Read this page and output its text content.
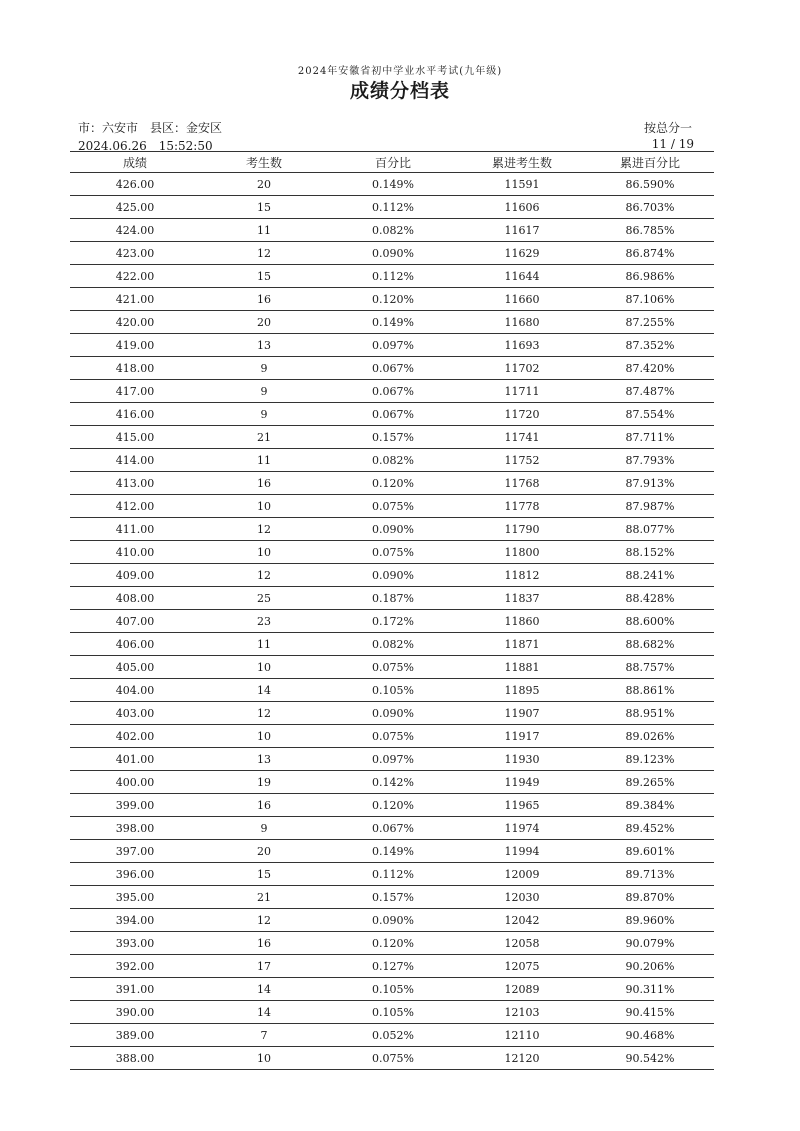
2024年安徽省初中学业水平考试(九年级)
成绩分档表
市：六安市　县区：金安区
2024.06.26　15:52:50
按总分一
11 / 19
成绩	考生数	百分比	累进考生数	累进百分比
426.00	20	0.149%	11591	86.590%
425.00	15	0.112%	11606	86.703%
424.00	11	0.082%	11617	86.785%
423.00	12	0.090%	11629	86.874%
422.00	15	0.112%	11644	86.986%
421.00	16	0.120%	11660	87.106%
420.00	20	0.149%	11680	87.255%
419.00	13	0.097%	11693	87.352%
418.00	9	0.067%	11702	87.420%
417.00	9	0.067%	11711	87.487%
416.00	9	0.067%	11720	87.554%
415.00	21	0.157%	11741	87.711%
414.00	11	0.082%	11752	87.793%
413.00	16	0.120%	11768	87.913%
412.00	10	0.075%	11778	87.987%
411.00	12	0.090%	11790	88.077%
410.00	10	0.075%	11800	88.152%
409.00	12	0.090%	11812	88.241%
408.00	25	0.187%	11837	88.428%
407.00	23	0.172%	11860	88.600%
406.00	11	0.082%	11871	88.682%
405.00	10	0.075%	11881	88.757%
404.00	14	0.105%	11895	88.861%
403.00	12	0.090%	11907	88.951%
402.00	10	0.075%	11917	89.026%
401.00	13	0.097%	11930	89.123%
400.00	19	0.142%	11949	89.265%
399.00	16	0.120%	11965	89.384%
398.00	9	0.067%	11974	89.452%
397.00	20	0.149%	11994	89.601%
396.00	15	0.112%	12009	89.713%
395.00	21	0.157%	12030	89.870%
394.00	12	0.090%	12042	89.960%
393.00	16	0.120%	12058	90.079%
392.00	17	0.127%	12075	90.206%
391.00	14	0.105%	12089	90.311%
390.00	14	0.105%	12103	90.415%
389.00	7	0.052%	12110	90.468%
388.00	10	0.075%	12120	90.542%
